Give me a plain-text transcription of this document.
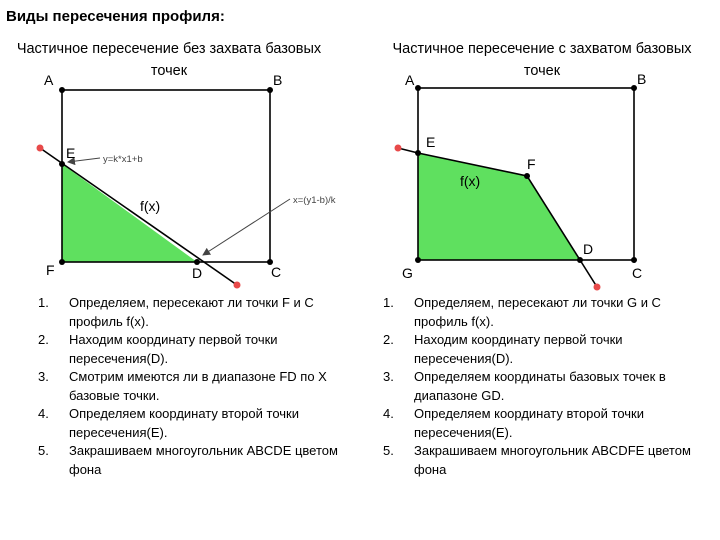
Виды пересечения профиля:
Частичное пересечение без захвата базовых точек
Частичное пересечение с захватом базовых точек
A	B
E
F	C
D
f(x)
y=k*x1+b
x=(y1-b)/k
A	B
E
F
D
G	C
f(x)
1.	Определяем, пересекают ли точки F и C профиль f(x).
2.	Находим координату первой точки пересечения(D).
3.	Смотрим имеются ли в диапазоне FD по X базовые точки.
4.	Определяем координату второй точки пересечения(E).
5.	Закрашиваем многоугольник ABCDE цветом фона
1.	Определяем, пересекают ли точки G и C профиль f(x).
2.	Находим координату первой точки пересечения(D).
3.	Определяем координаты базовых точек в диапазоне GD.
4.	Определяем координату второй точки пересечения(E).
5.	Закрашиваем многоугольник ABCDFE цветом фона
